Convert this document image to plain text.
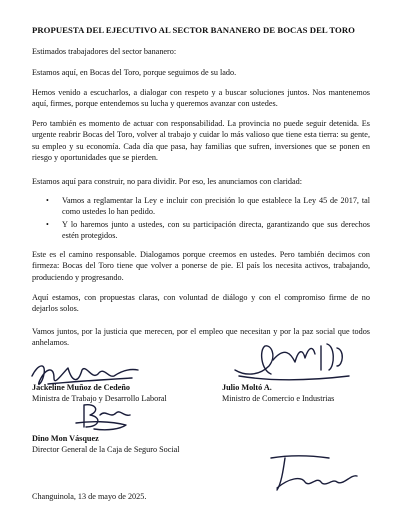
PROPUESTA DEL EJECUTIVO AL SECTOR BANANERO DE BOCAS DEL TORO
Estimados trabajadores del sector bananero:
Estamos aquí, en Bocas del Toro, porque seguimos de su lado.
Hemos venido a escucharlos, a dialogar con respeto y a buscar soluciones juntos. Nos mantenemos aquí, firmes, porque entendemos su lucha y queremos avanzar con ustedes.
Pero también es momento de actuar con responsabilidad. La provincia no puede seguir detenida. Es urgente reabrir Bocas del Toro, volver al trabajo y cuidar lo más valioso que tiene esta tierra: su gente, su empleo y su economía. Cada día que pasa, hay familias que sufren, inversiones que se ponen en riesgo y oportunidades que se pierden.
Estamos aquí para construir, no para dividir. Por eso, les anunciamos con claridad:
• Vamos a reglamentar la Ley e incluir con precisión lo que establece la Ley 45 de 2017, tal como ustedes lo han pedido.
• Y lo haremos junto a ustedes, con su participación directa, garantizando que sus derechos estén protegidos.
Este es el camino responsable. Dialogamos porque creemos en ustedes. Pero también decimos con firmeza: Bocas del Toro tiene que volver a ponerse de pie. El país los necesita activos, trabajando, produciendo y progresando.
Aquí estamos, con propuestas claras, con voluntad de diálogo y con el compromiso firme de no dejarlos solos.
Vamos juntos, por la justicia que merecen, por el empleo que necesitan y por la paz social que todos anhelamos.
Jackeline Muñoz de Cedeño
Ministra de Trabajo y Desarrollo Laboral
Julio Moltó A.
Ministro de Comercio e Industrias
Dino Mon Vásquez
Director General de la Caja de Seguro Social
Changuinola, 13 de mayo de 2025.
